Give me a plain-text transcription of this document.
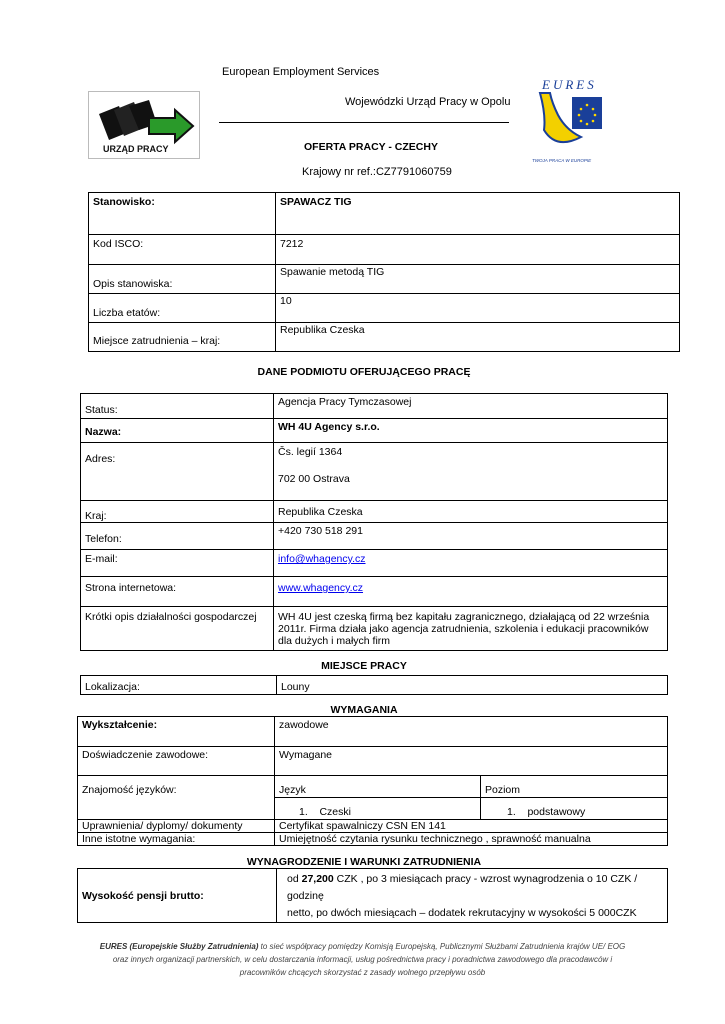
European Employment Services
URZĄD PRACY
Wojewódzki Urząd Pracy w Opolu
EURES
TWOJA PRACA W EUROPIE
OFERTA PRACY - CZECHY
Krajowy nr ref.:CZ7791060759
Stanowisko:	SPAWACZ TIG
Kod ISCO:	7212
Opis stanowiska:	Spawanie metodą TIG
Liczba etatów:	10
Miejsce zatrudnienia – kraj:	Republika Czeska
DANE PODMIOTU OFERUJĄCEGO PRACĘ
Status:	Agencja Pracy Tymczasowej
Nazwa:	WH 4U Agency s.r.o.
Adres:	Čs. legií 1364
702 00 Ostrava

Kraj:	Republika Czeska
Telefon:	+420 730 518 291
E-mail:	info@whagency.cz
Strona internetowa:	www.whagency.cz
Krótki opis działalności gospodarczej	WH 4U jest czeską firmą bez kapitału zagranicznego, działającą od 22 września 2011r. Firma działa jako agencja zatrudnienia, szkolenia i edukacji pracowników dla dużych i małych firm
MIEJSCE PRACY
Lokalizacja:	Louny
WYMAGANIA
Wykształcenie:	zawodowe	
Doświadczenie zawodowe:	Wymagane	
Znajomość języków:	Język	Poziom
	1. Czeski	1. podstawowy
Uprawnienia/ dyplomy/ dokumenty	Certyfikat spawalniczy CSN EN 141	
Inne istotne wymagania:	Umiejętność czytania rysunku technicznego , sprawność manualna	
WYNAGRODZENIE I WARUNKI ZATRUDNIENIA
Wysokość pensji brutto:	
od 27,200 CZK , po 3 miesiącach pracy - wzrost wynagrodzenia o 10 CZK / godzinę
netto, po dwóch miesiącach – dodatek rekrutacyjny w wysokości 5 000CZK
EURES (Europejskie Służby Zatrudnienia) to sieć współpracy pomiędzy Komisją Europejską, Publicznymi Służbami Zatrudnienia krajów UE/ EOG
oraz innych organizacji partnerskich, w celu dostarczania informacji, usług pośrednictwa pracy i poradnictwa zawodowego dla pracodawców i
pracowników chcących skorzystać z zasady wolnego przepływu osób
